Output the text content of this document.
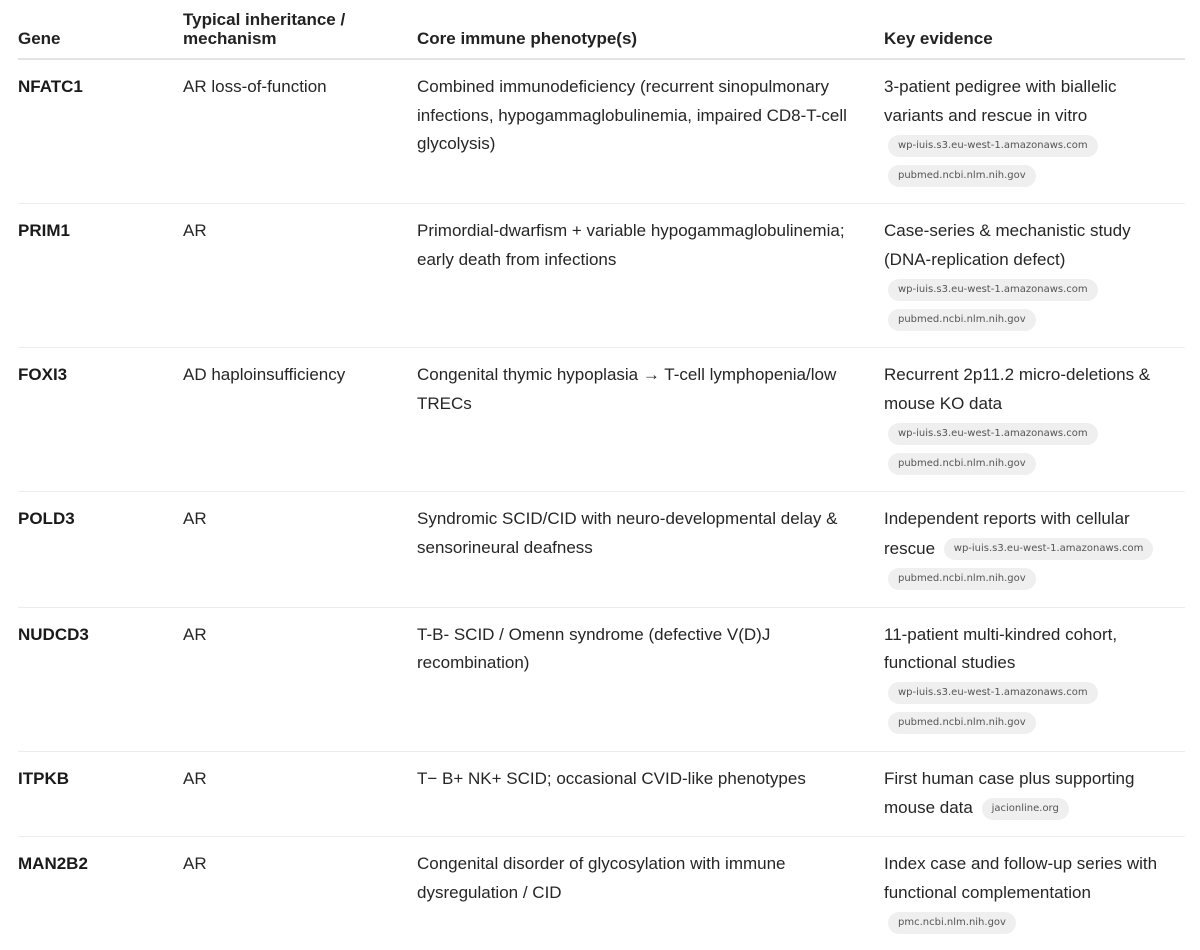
Gene	Typical inheritance / mechanism	Core immune phenotype(s)	Key evidence
NFATC1	AR loss-of-function	Combined immunodeficiency (recurrent sinopulmonary infections, hypogammaglobulinemia, impaired CD8-T-cell glycolysis)	3-patient pedigree with biallelic variants and rescue in vitro wp-iuis.s3.eu-west-1.amazonaws.com pubmed.ncbi.nlm.nih.gov
PRIM1	AR	Primordial-dwarfism + variable hypogammaglobulinemia; early death from infections	Case-series & mechanistic study (DNA-replication defect) wp-iuis.s3.eu-west-1.amazonaws.com pubmed.ncbi.nlm.nih.gov
FOXI3	AD haploinsufficiency	Congenital thymic hypoplasia → T-cell lymphopenia/low TRECs	Recurrent 2p11.2 micro-deletions & mouse KO data wp-iuis.s3.eu-west-1.amazonaws.com pubmed.ncbi.nlm.nih.gov
POLD3	AR	Syndromic SCID/CID with neuro-developmental delay & sensorineural deafness	Independent reports with cellular rescue wp-iuis.s3.eu-west-1.amazonaws.com pubmed.ncbi.nlm.nih.gov
NUDCD3	AR	T-B- SCID / Omenn syndrome (defective V(D)J recombination)	11-patient multi-kindred cohort, functional studies wp-iuis.s3.eu-west-1.amazonaws.com pubmed.ncbi.nlm.nih.gov
ITPKB	AR	T− B+ NK+ SCID; occasional CVID-like phenotypes	First human case plus supporting mouse data jacionline.org
MAN2B2	AR	Congenital disorder of glycosylation with immune dysregulation / CID	Index case and follow-up series with functional complementation pmc.ncbi.nlm.nih.gov
